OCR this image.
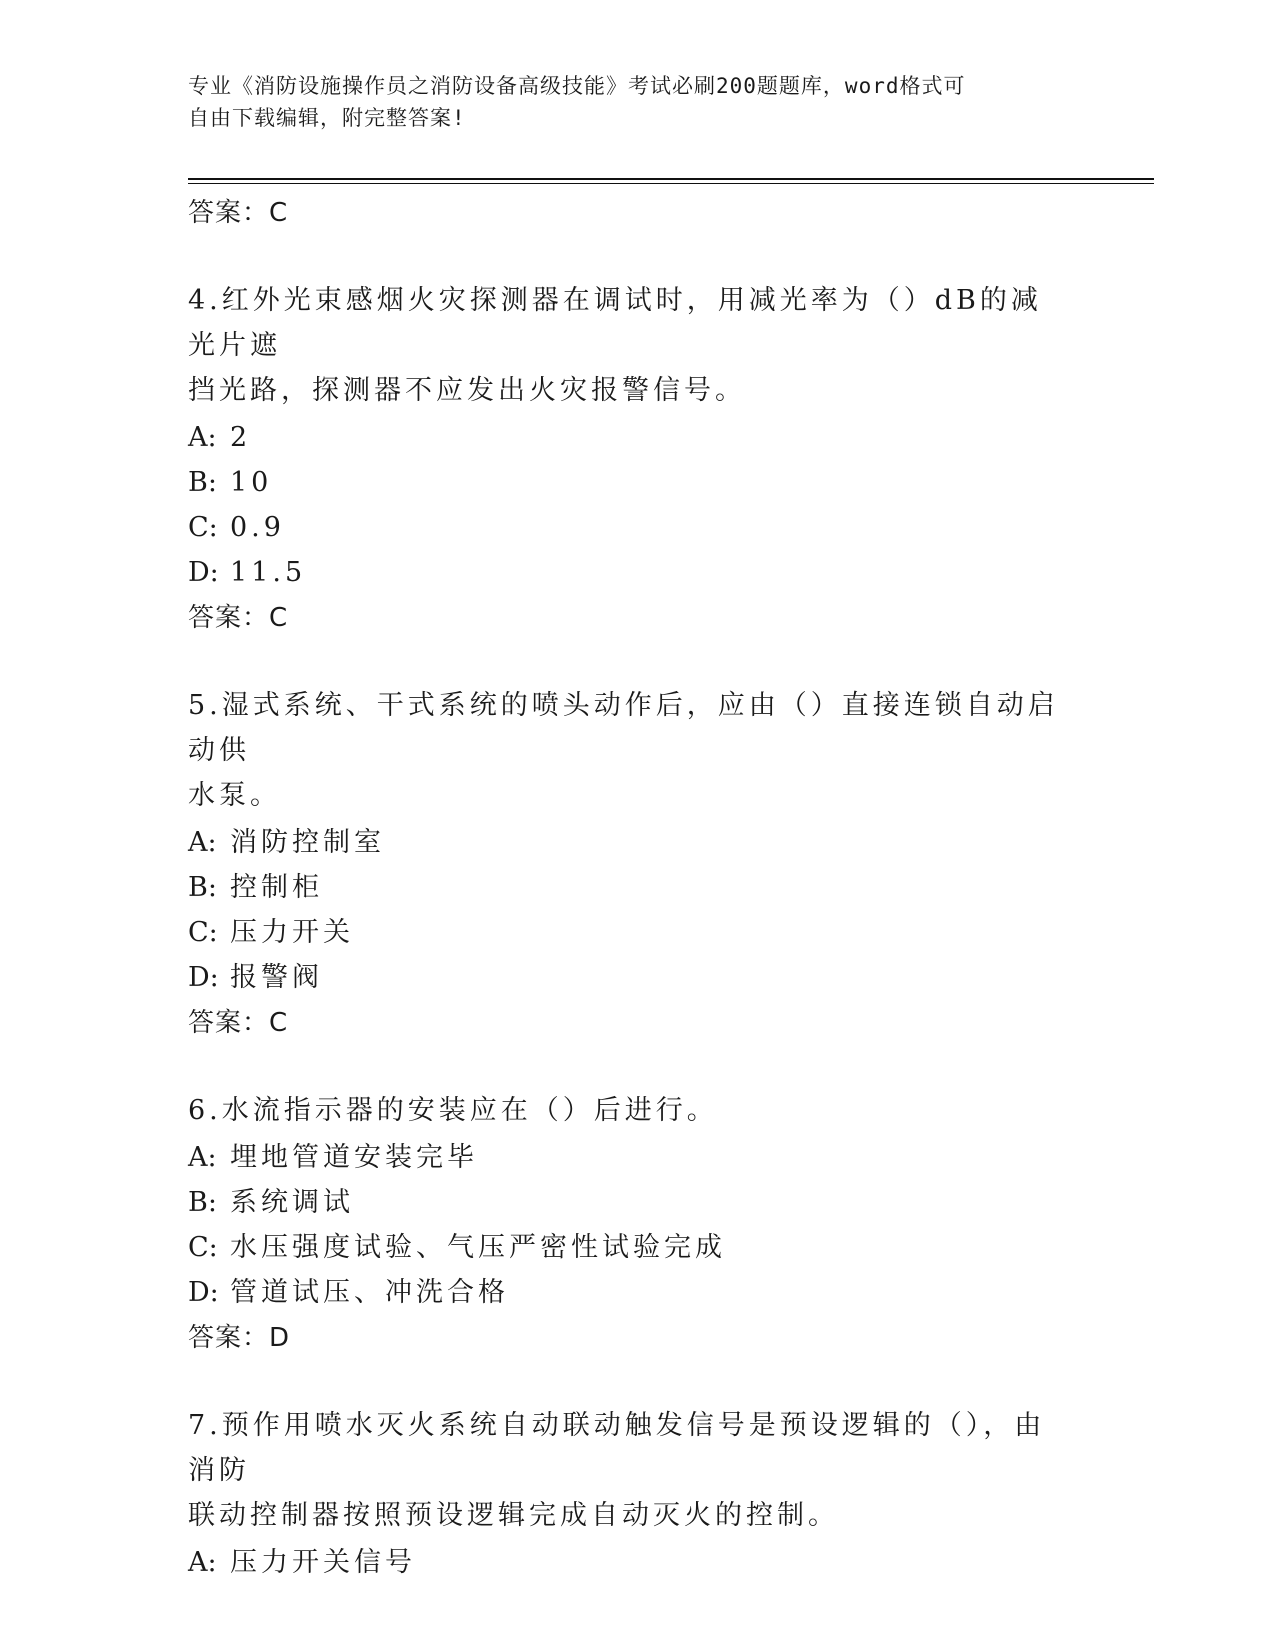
专业《消防设施操作员之消防设备高级技能》考试必刷200题题库，word格式可
自由下载编辑，附完整答案!
答案：C
4.红外光束感烟火灾探测器在调试时，用减光率为（）dB的减光片遮
挡光路，探测器不应发出火灾报警信号。
A: 2
B: 10
C: 0.9
D: 11.5
答案：C
5.湿式系统、干式系统的喷头动作后，应由（）直接连锁自动启动供
水泵。
A: 消防控制室
B: 控制柜
C: 压力开关
D: 报警阀
答案：C
6.水流指示器的安装应在（）后进行。
A: 埋地管道安装完毕
B: 系统调试
C: 水压强度试验、气压严密性试验完成
D: 管道试压、冲洗合格
答案：D
7.预作用喷水灭火系统自动联动触发信号是预设逻辑的（），由消防
联动控制器按照预设逻辑完成自动灭火的控制。
A: 压力开关信号
